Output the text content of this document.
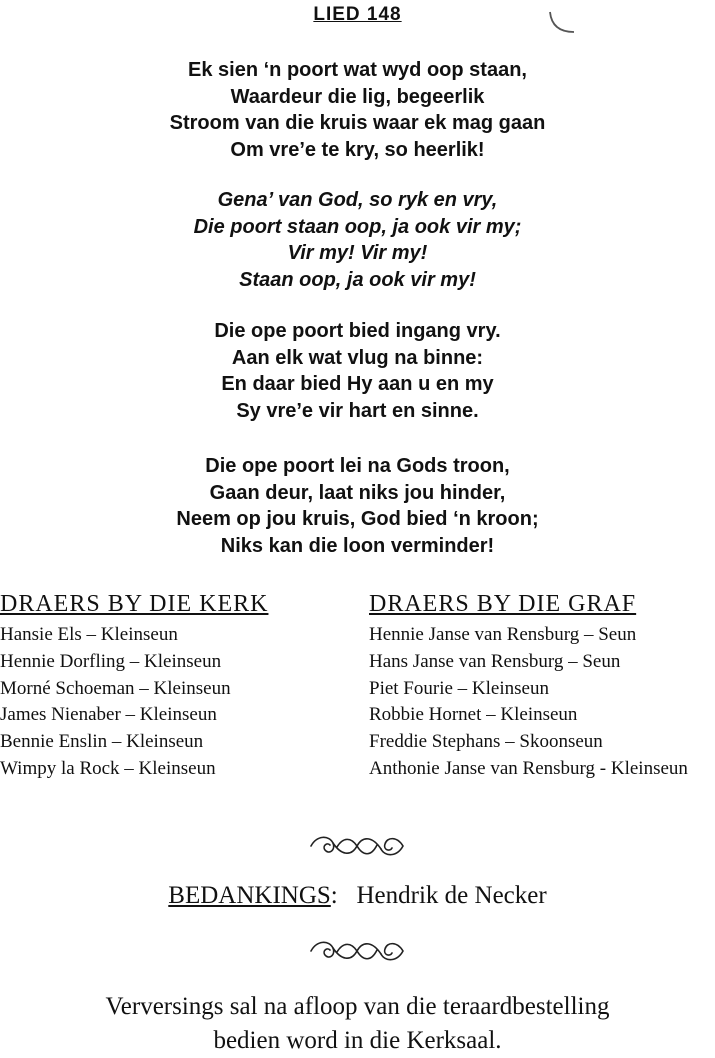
LIED 148
Ek sien ‘n poort wat wyd oop staan,
Waardeur die lig, begeerlik
Stroom van die kruis waar ek mag gaan
Om vre’e te kry, so heerlik!
Gena’ van God, so ryk en vry,
Die poort staan oop, ja ook vir my;
Vir my! Vir my!
Staan oop, ja ook vir my!
Die ope poort bied ingang vry.
Aan elk wat vlug na binne:
En daar bied Hy aan u en my
Sy vre’e vir hart en sinne.
Die ope poort lei na Gods troon,
Gaan deur, laat niks jou hinder,
Neem op jou kruis, God bied ‘n kroon;
Niks kan die loon verminder!
DRAERS BY DIE KERK	DRAERS BY DIE GRAF
Hansie Els – Kleinseun
Hennie Dorfling – Kleinseun
Morné Schoeman – Kleinseun
James Nienaber – Kleinseun
Bennie Enslin – Kleinseun
Wimpy la Rock – Kleinseun
Hennie Janse van Rensburg – Seun
Hans Janse van Rensburg – Seun
Piet Fourie – Kleinseun
Robbie Hornet – Kleinseun
Freddie Stephans – Skoonseun
Anthonie Janse van Rensburg - Kleinseun
BEDANKINGS: Hendrik de Necker
Verversings sal na afloop van die teraardbestelling
bedien word in die Kerksaal.
